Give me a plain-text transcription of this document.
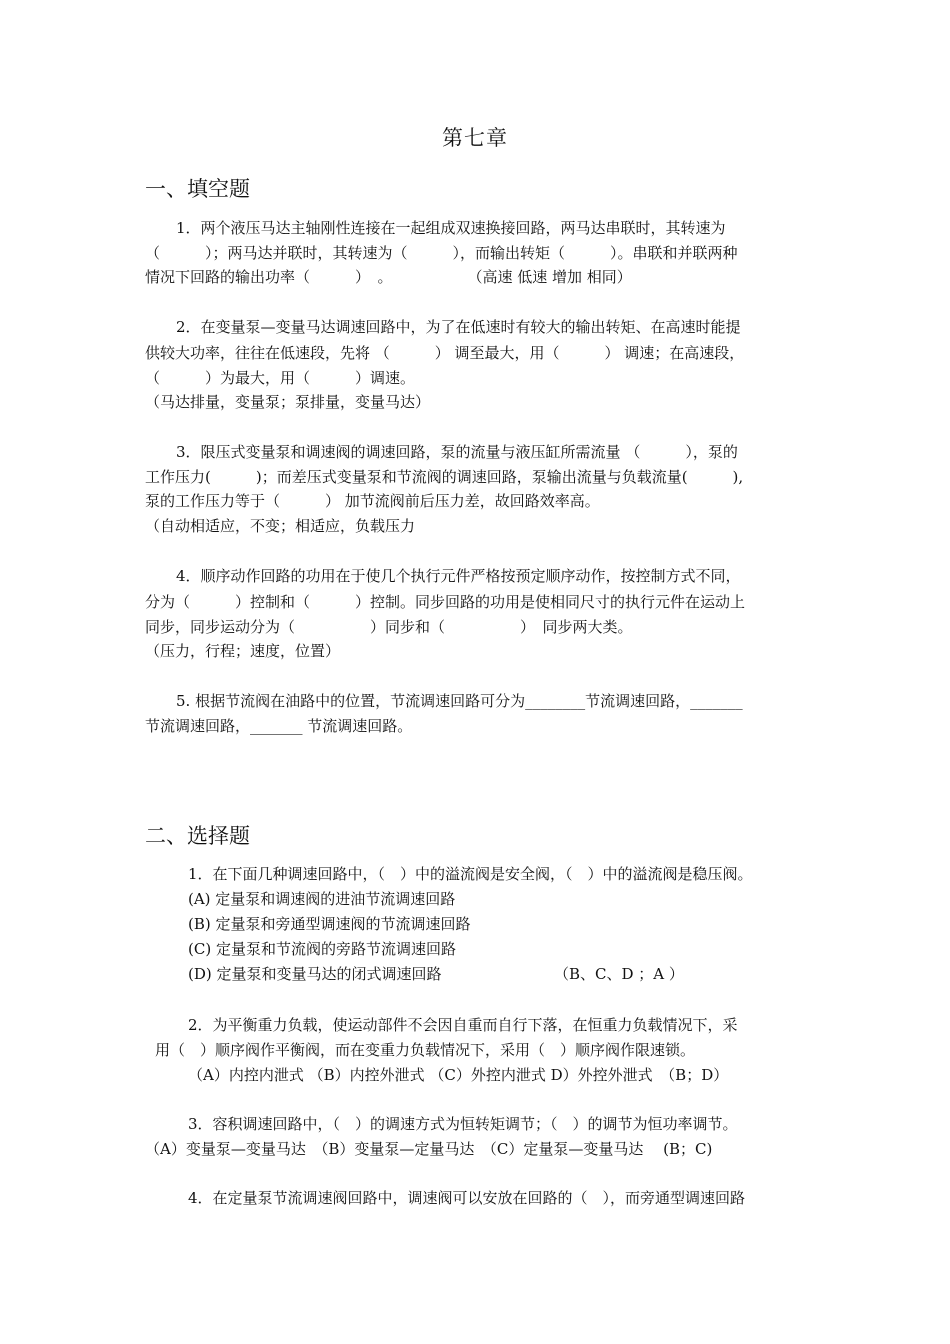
第七章
一、填空题
1．两个液压马达主轴刚性连接在一起组成双速换接回路，两马达串联时，其转速为
（　　　）；两马达并联时，其转速为（　　　），而输出转矩（　　　）。串联和并联两种
情况下回路的输出功率（　　　）　。　　　　　　（高速 低速 增加 相同）
2．在变量泵—变量马达调速回路中，为了在低速时有较大的输出转矩、在高速时能提
供较大功率，往往在低速段，先将 （　　　） 调至最大，用（　　　） 调速；在高速段，
（　　　）为最大，用（　　　）调速。
（马达排量，变量泵；泵排量，变量马达）
3．限压式变量泵和调速阀的调速回路，泵的流量与液压缸所需流量 （　　　），泵的
工作压力(　　　)；而差压式变量泵和节流阀的调速回路，泵输出流量与负载流量(　　　),
泵的工作压力等于（　　　） 加节流阀前后压力差，故回路效率高。
（自动相适应，不变；相适应，负载压力
4．顺序动作回路的功用在于使几个执行元件严格按预定顺序动作，按控制方式不同，
分为（　　　）控制和（　　　）控制。同步回路的功用是使相同尺寸的执行元件在运动上
同步，同步运动分为（　　　　　）同步和（　　　　　）　同步两大类。
（压力，行程；速度，位置）
5. 根据节流阀在油路中的位置，节流调速回路可分为________节流调速回路，_______
节流调速回路，_______ 节流调速回路。
二、选择题
1．在下面几种调速回路中，（　）中的溢流阀是安全阀，（　）中的溢流阀是稳压阀。
(A) 定量泵和调速阀的进油节流调速回路
(B) 定量泵和旁通型调速阀的节流调速回路
(C) 定量泵和节流阀的旁路节流调速回路
(D) 定量泵和变量马达的闭式调速回路　　　　　　　　（B、C、D ；A ）
2．为平衡重力负载，使运动部件不会因自重而自行下落，在恒重力负载情况下，采
用（　）顺序阀作平衡阀，而在变重力负载情况下，采用（　）顺序阀作限速锁。
（A）内控内泄式 （B）内控外泄式 （C）外控内泄式 D）外控外泄式　（B；D）
3．容积调速回路中，（　）的调速方式为恒转矩调节；（　）的调节为恒功率调节。
（A）变量泵—变量马达　（B）变量泵—定量马达　（C）定量泵—变量马达　 (B；C)
4．在定量泵节流调速阀回路中，调速阀可以安放在回路的（　），而旁通型调速回路
